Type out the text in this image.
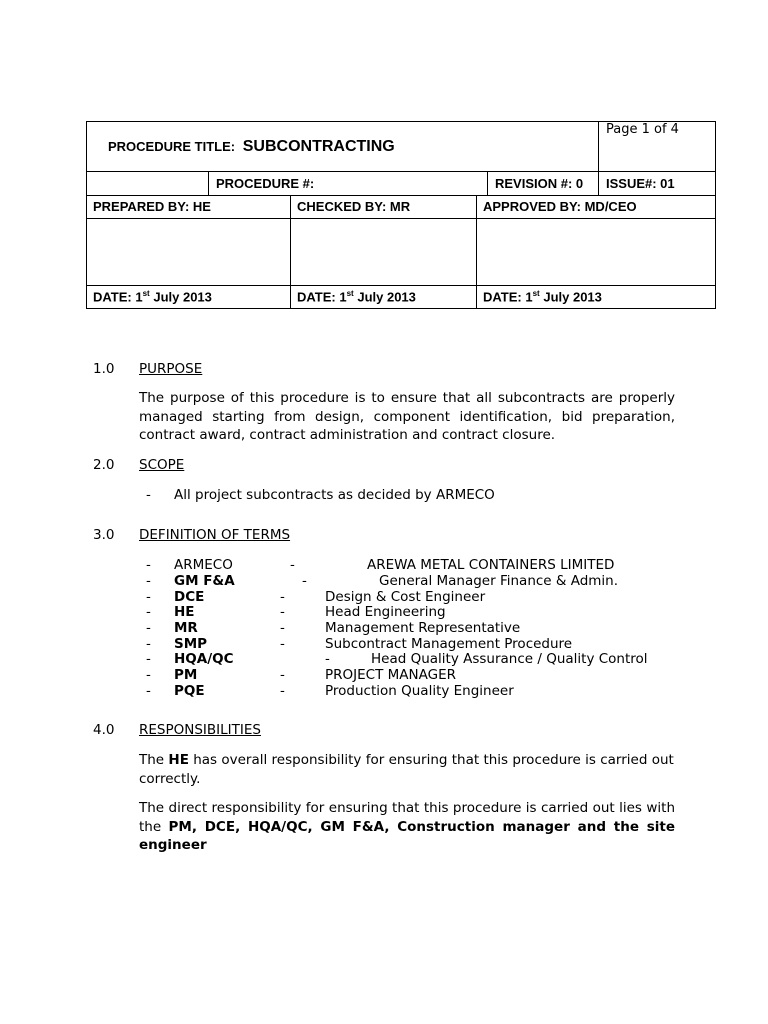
PROCEDURE TITLE: SUBCONTRACTING
Page 1 of 4
PROCEDURE #:	REVISION #: 0 ISSUE#: 01
PREPARED BY: HE	CHECKED BY: MR	APPROVED BY: MD/CEO
DATE: 1st July 2013	DATE: 1st July 2013	DATE: 1st July 2013
1.0 PURPOSE
The purpose of this procedure is to ensure that all subcontracts are properly managed starting from design, component identification, bid preparation, contract award, contract administration and contract closure.
2.0 SCOPE
- All project subcontracts as decided by ARMECO
3.0 DEFINITION OF TERMS
- ARMECO	-	AREWA METAL CONTAINERS LIMITED
- GM F&A	-	General Manager Finance & Admin.
- DCE	-	Design & Cost Engineer
- HE	-	Head Engineering
- MR	-	Management Representative
- SMP	-	Subcontract Management Procedure
- HQA/QC	-	Head Quality Assurance / Quality Control
- PM	-	PROJECT MANAGER
- PQE	-	Production Quality Engineer
4.0 RESPONSIBILITIES
The HE has overall responsibility for ensuring that this procedure is carried out correctly.
The direct responsibility for ensuring that this procedure is carried out lies with the PM, DCE, HQA/QC, GM F&A, Construction manager and the site engineer
